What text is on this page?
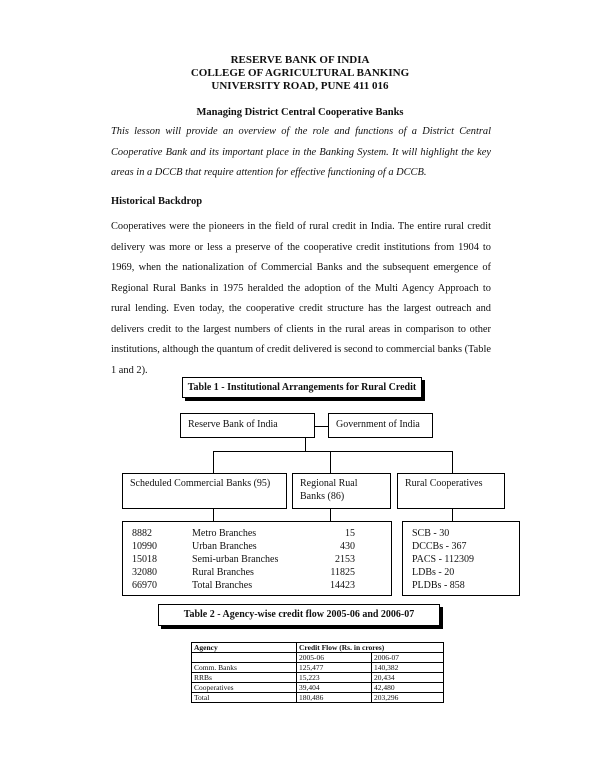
RESERVE BANK OF INDIA
COLLEGE OF AGRICULTURAL BANKING
UNIVERSITY ROAD, PUNE 411 016
Managing District Central Cooperative Banks
This lesson will provide an overview of the role and functions of a District Central Cooperative Bank and its important place in the Banking System. It will highlight the key areas in a DCCB that require attention for effective functioning of a DCCB.
Historical Backdrop
Cooperatives were the pioneers in the field of rural credit in India. The entire rural credit delivery was more or less a preserve of the cooperative credit institutions from 1904 to 1969, when the nationalization of Commercial Banks and the subsequent emergence of Regional Rural Banks in 1975 heralded the adoption of the Multi Agency Approach to rural lending. Even today, the cooperative credit structure has the largest outreach and delivers credit to the largest numbers of clients in the rural areas in comparison to other institutions, although the quantum of credit delivered is second to commercial banks (Table 1 and 2).
Table 1 - Institutional Arrangements for Rural Credit
Reserve Bank of India	Government of India
Scheduled Commercial Banks (95)	Regional Rual Banks (86)
Rural Cooperatives
8882	Metro Branches	15
10990	Urban Branches	430
15018	Semi-urban Branches	2153
32080	Rural Branches	11825
66970	Total Branches	14423
SCB - 30
DCCBs - 367
PACS - 112309
LDBs - 20
PLDBs - 858
Table 2 - Agency-wise credit flow 2005-06 and 2006-07
Agency	Credit Flow (Rs. in crores)	
	2005-06	2006-07
Comm. Banks	125,477	140,382
RRBs	15,223	20,434
Cooperatives	39,404	42,480
Total	180,486	203,296
